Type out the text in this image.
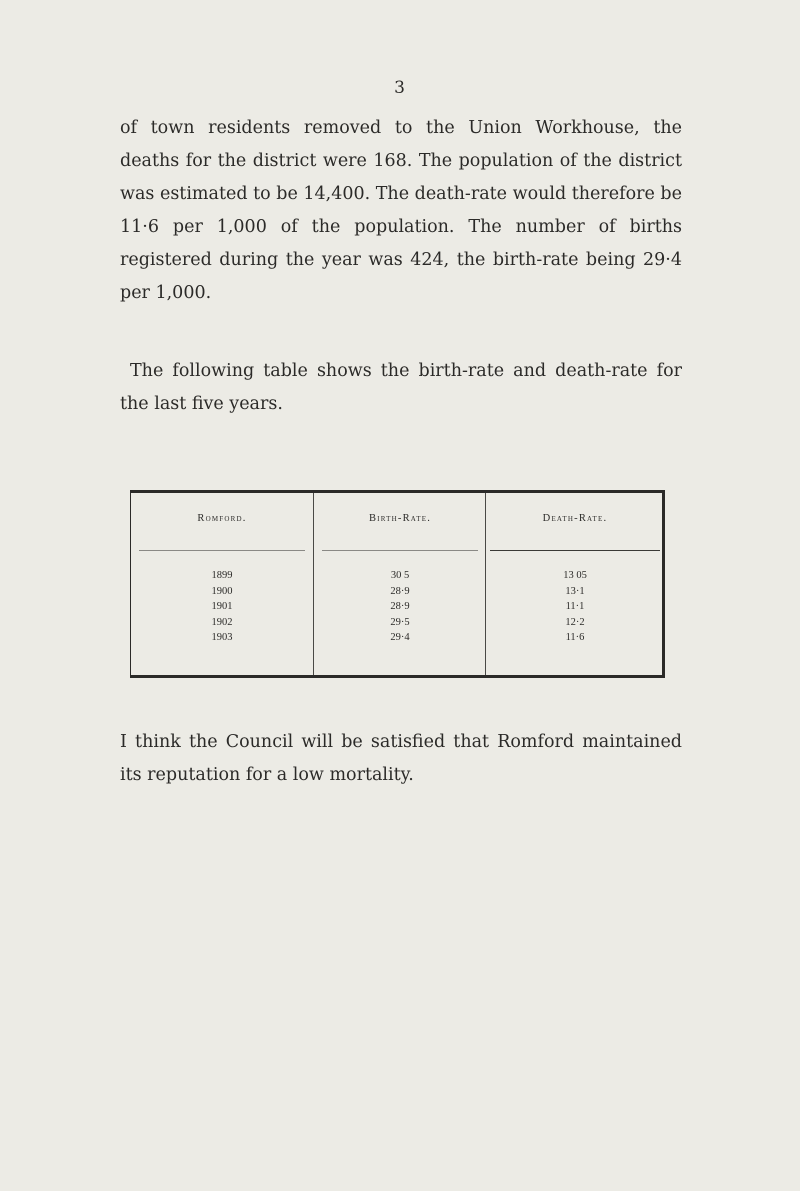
3

of town residents removed to the Union Workhouse, the deaths for the district were 168. The population of the district was estimated to be 14,400. The death-rate would therefore be 11·6 per 1,000 of the population. The number of births registered during the year was 424, the birth-rate being 29·4 per 1,000.

The following table shows the birth-rate and death-rate for the last five years.

Romford.
1899
1900
1901
1902
1903
Birth-Rate.
30 5
28·9
28·9
29·5
29·4
Death-Rate.
13 05
13·1
11·1
12·2
11·6

I think the Council will be satisfied that Romford maintained its reputation for a low mortality.
